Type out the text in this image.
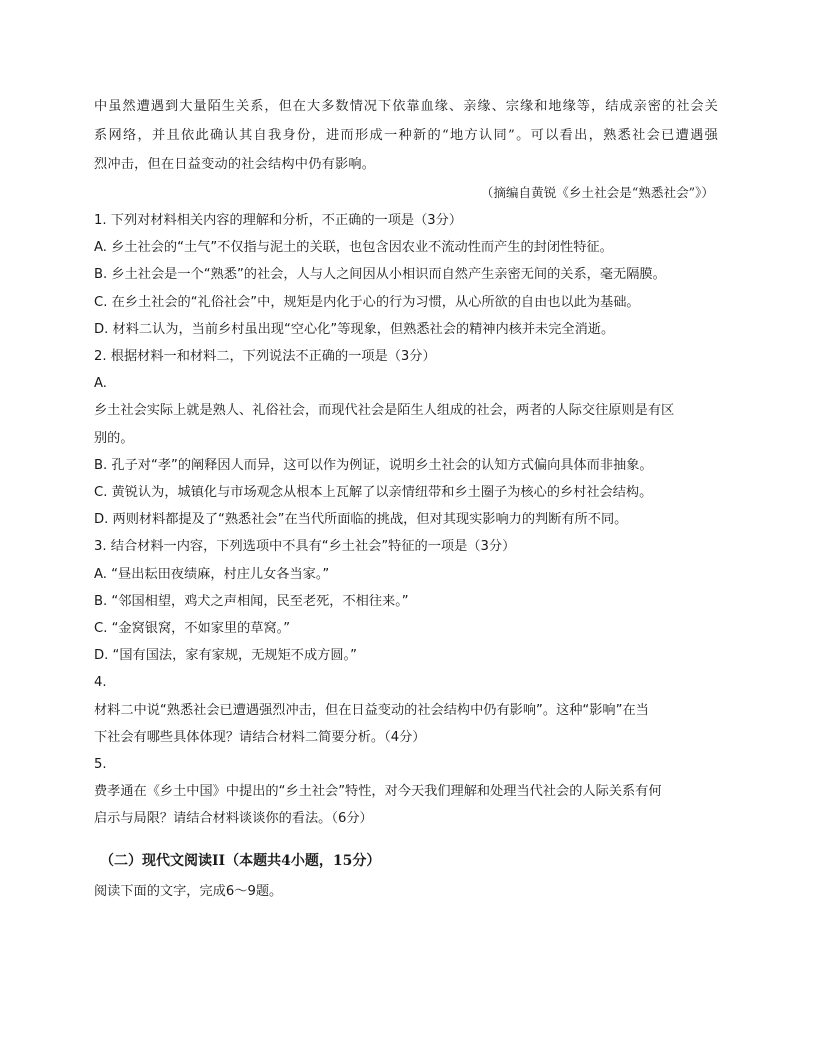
中虽然遭遇到大量陌生关系，但在大多数情况下依靠血缘、亲缘、宗缘和地缘等，结成亲密的社会关

系网络，并且依此确认其自我身份，进而形成一种新的“地方认同”。可以看出，熟悉社会已遭遇强

烈冲击，但在日益变动的社会结构中仍有影响。

（摘编自黄锐《乡土社会是“熟悉社会”》）

1. 下列对材料相关内容的理解和分析，不正确的一项是（3分）

A. 乡土社会的“土气”不仅指与泥土的关联，也包含因农业不流动性而产生的封闭性特征。

B. 乡土社会是一个“熟悉”的社会，人与人之间因从小相识而自然产生亲密无间的关系，毫无隔膜。

C. 在乡土社会的“礼俗社会”中，规矩是内化于心的行为习惯，从心所欲的自由也以此为基础。

D. 材料二认为，当前乡村虽出现“空心化”等现象，但熟悉社会的精神内核并未完全消逝。

2. 根据材料一和材料二，下列说法不正确的一项是（3分）

A.

乡土社会实际上就是熟人、礼俗社会，而现代社会是陌生人组成的社会，两者的人际交往原则是有区

别的。

B. 孔子对“孝”的阐释因人而异，这可以作为例证，说明乡土社会的认知方式偏向具体而非抽象。

C. 黄锐认为，城镇化与市场观念从根本上瓦解了以亲情纽带和乡土圈子为核心的乡村社会结构。

D. 两则材料都提及了“熟悉社会”在当代所面临的挑战，但对其现实影响力的判断有所不同。

3. 结合材料一内容，下列选项中不具有“乡土社会”特征的一项是（3分）

A. “昼出耘田夜绩麻，村庄儿女各当家。”

B. “邻国相望，鸡犬之声相闻，民至老死，不相往来。”

C. “金窝银窝，不如家里的草窝。”

D. “国有国法，家有家规，无规矩不成方圆。”

4.

材料二中说“熟悉社会已遭遇强烈冲击，但在日益变动的社会结构中仍有影响”。这种“影响”在当

下社会有哪些具体体现？请结合材料二简要分析。（4分）

5.

费孝通在《乡土中国》中提出的“乡土社会”特性，对今天我们理解和处理当代社会的人际关系有何

启示与局限？请结合材料谈谈你的看法。（6分）

（二）现代文阅读II（本题共4小题，15分）

阅读下面的文字，完成6～9题。
